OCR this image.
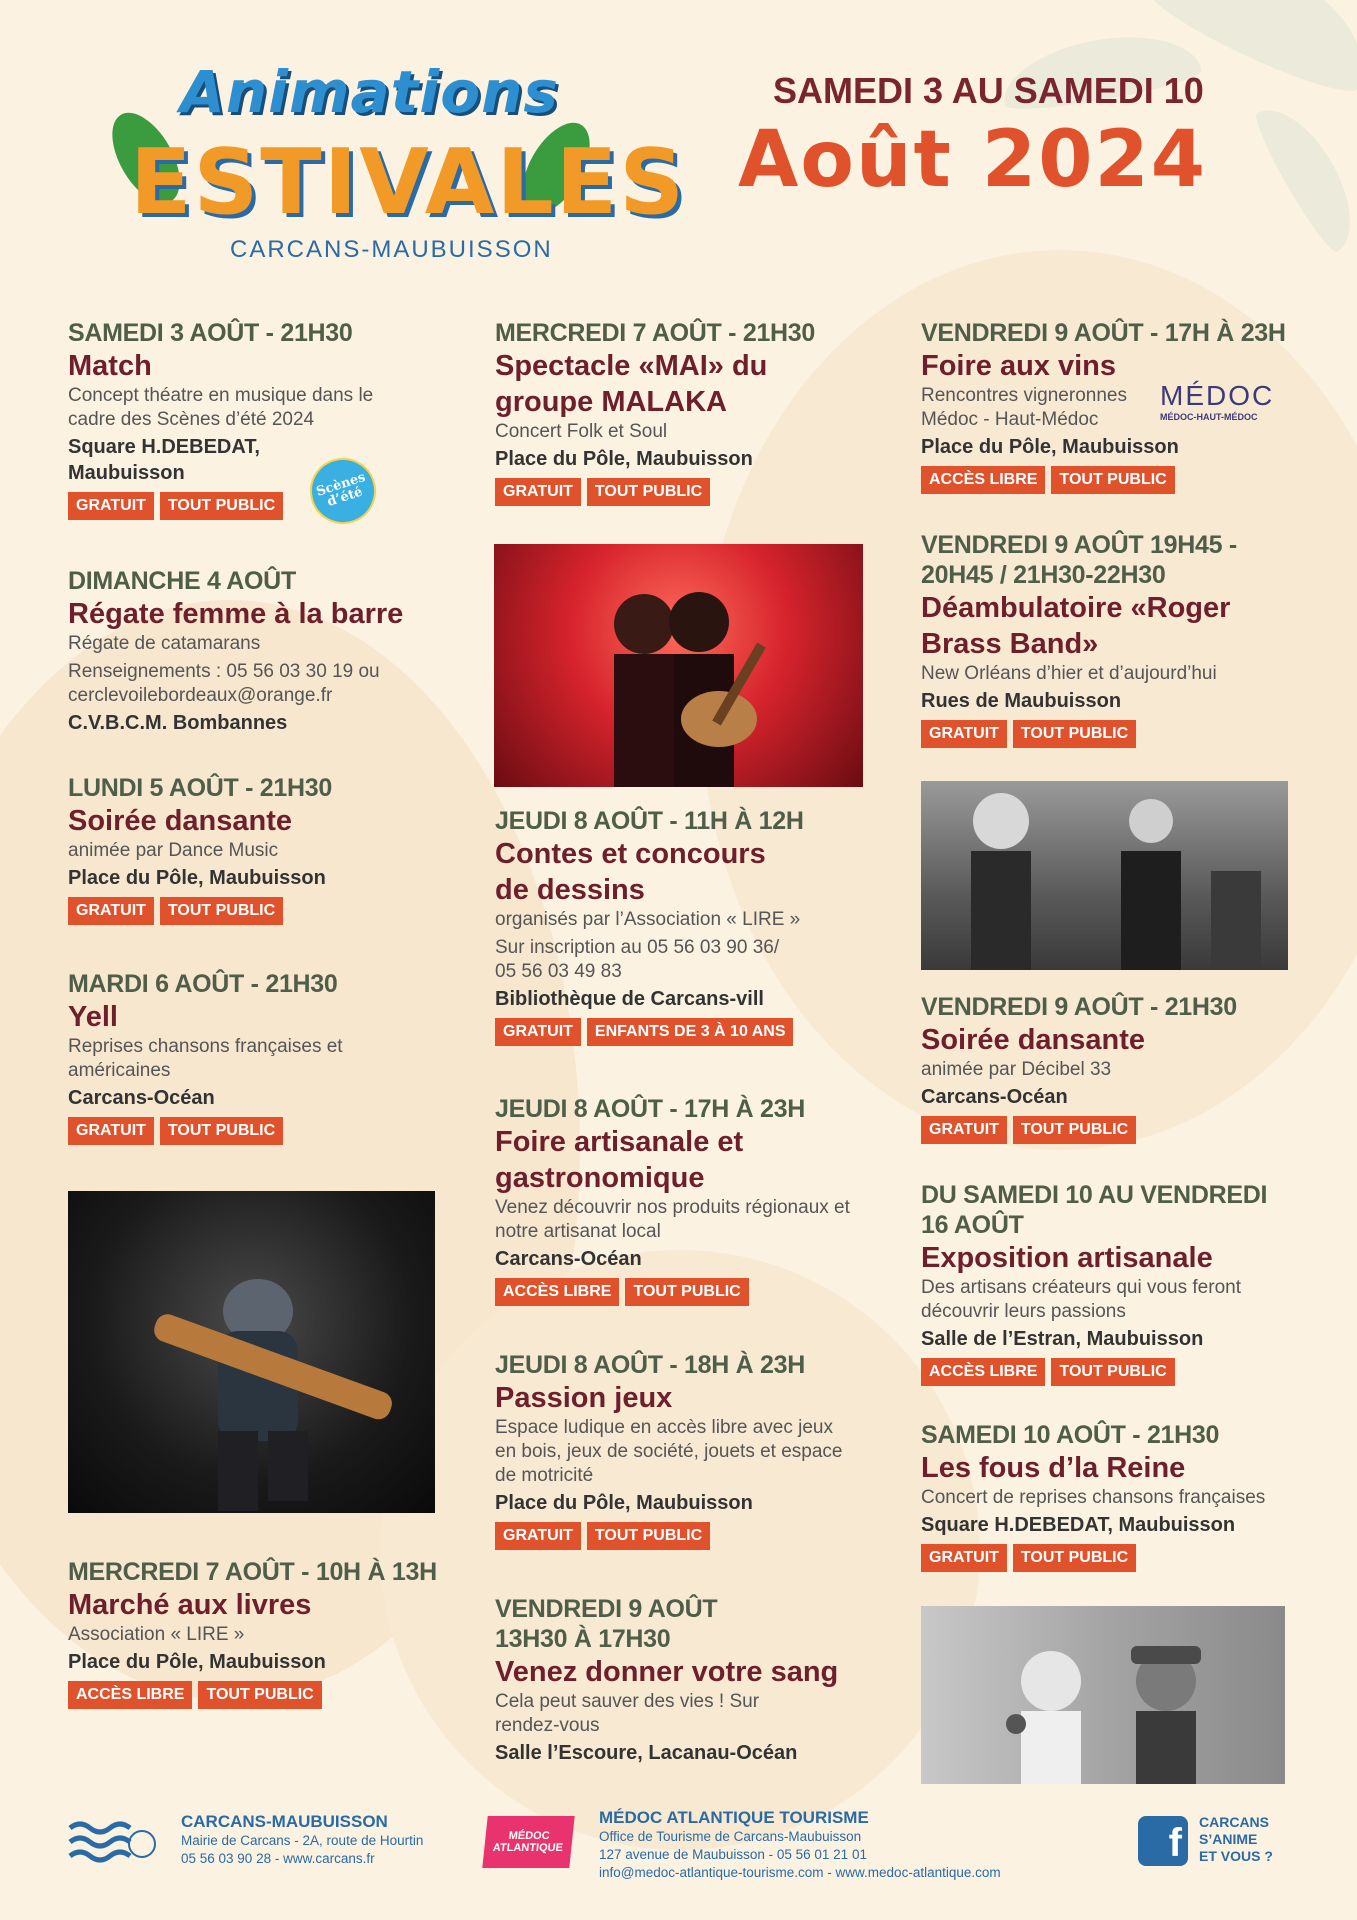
Animations
ESTIVALES
CARCANS-MAUBUISSON
SAMEDI 3 AU SAMEDI 10
Août 2024
SAMEDI 3 AOÛT - 21H30
Match
Concept théatre en musique dans le cadre des Scènes d’été 2024
Square H.DEBEDAT, Maubuisson
GRATUIT	TOUT PUBLIC
Scènes d’été
DIMANCHE 4 AOÛT
Régate femme à la barre
Régate de catamarans
Renseignements : 05 56 03 30 19 ou cerclevoilebordeaux@orange.fr
C.V.B.C.M. Bombannes
LUNDI 5 AOÛT - 21H30
Soirée dansante
animée par Dance Music
Place du Pôle, Maubuisson
GRATUIT	TOUT PUBLIC
MARDI 6 AOÛT - 21H30
Yell
Reprises chansons françaises et américaines
Carcans-Océan
GRATUIT	TOUT PUBLIC
MERCREDI 7 AOÛT - 10H À 13H
Marché aux livres
Association « LIRE »
Place du Pôle, Maubuisson
ACCÈS LIBRE	TOUT PUBLIC
MERCREDI 7 AOÛT - 21H30
Spectacle «MAI» du groupe MALAKA
Concert Folk et Soul
Place du Pôle, Maubuisson
GRATUIT	TOUT PUBLIC
JEUDI 8 AOÛT - 11H À 12H
Contes et concours de dessins
organisés par l’Association « LIRE »
Sur inscription au 05 56 03 90 36/ 05 56 03 49 83
Bibliothèque de Carcans-vill
GRATUIT	ENFANTS DE 3 À 10 ANS
JEUDI 8 AOÛT - 17H À 23H
Foire artisanale et gastronomique
Venez découvrir nos produits régionaux et notre artisanat local
Carcans-Océan
ACCÈS LIBRE	TOUT PUBLIC
JEUDI 8 AOÛT - 18H À 23H
Passion jeux
Espace ludique en accès libre avec jeux en bois, jeux de société, jouets et espace de motricité
Place du Pôle, Maubuisson
GRATUIT	TOUT PUBLIC
VENDREDI 9 AOÛT 13H30 À 17H30
Venez donner votre sang
Cela peut sauver des vies ! Sur rendez-vous
Salle l’Escoure, Lacanau-Océan
VENDREDI 9 AOÛT - 17H À 23H
Foire aux vins
Rencontres vigneronnes Médoc - Haut-Médoc
Place du Pôle, Maubuisson
ACCÈS LIBRE	TOUT PUBLIC
MÉDOC
MÉDOC-HAUT-MÉDOC
VENDREDI 9 AOÛT 19H45 - 20H45 / 21H30-22H30
Déambulatoire «Roger Brass Band»
New Orléans d’hier et d’aujourd’hui
Rues de Maubuisson
GRATUIT	TOUT PUBLIC
VENDREDI 9 AOÛT - 21H30
Soirée dansante
animée par Décibel 33
Carcans-Océan
GRATUIT	TOUT PUBLIC
DU SAMEDI 10 AU VENDREDI 16 AOÛT
Exposition artisanale
Des artisans créateurs qui vous feront découvrir leurs passions
Salle de l’Estran, Maubuisson
ACCÈS LIBRE	TOUT PUBLIC
SAMEDI 10 AOÛT - 21H30
Les fous d’la Reine
Concert de reprises chansons françaises
Square H.DEBEDAT, Maubuisson
GRATUIT	TOUT PUBLIC
CARCANS-MAUBUISSON
Mairie de Carcans - 2A, route de Hourtin
05 56 03 90 28 - www.carcans.fr
MÉDOC ATLANTIQUE
MÉDOC ATLANTIQUE TOURISME
Office de Tourisme de Carcans-Maubuisson
127 avenue de Maubuisson - 05 56 01 21 01
info@medoc-atlantique-tourisme.com - www.medoc-atlantique.com
f	CARCANS
S’ANIME
ET VOUS ?
